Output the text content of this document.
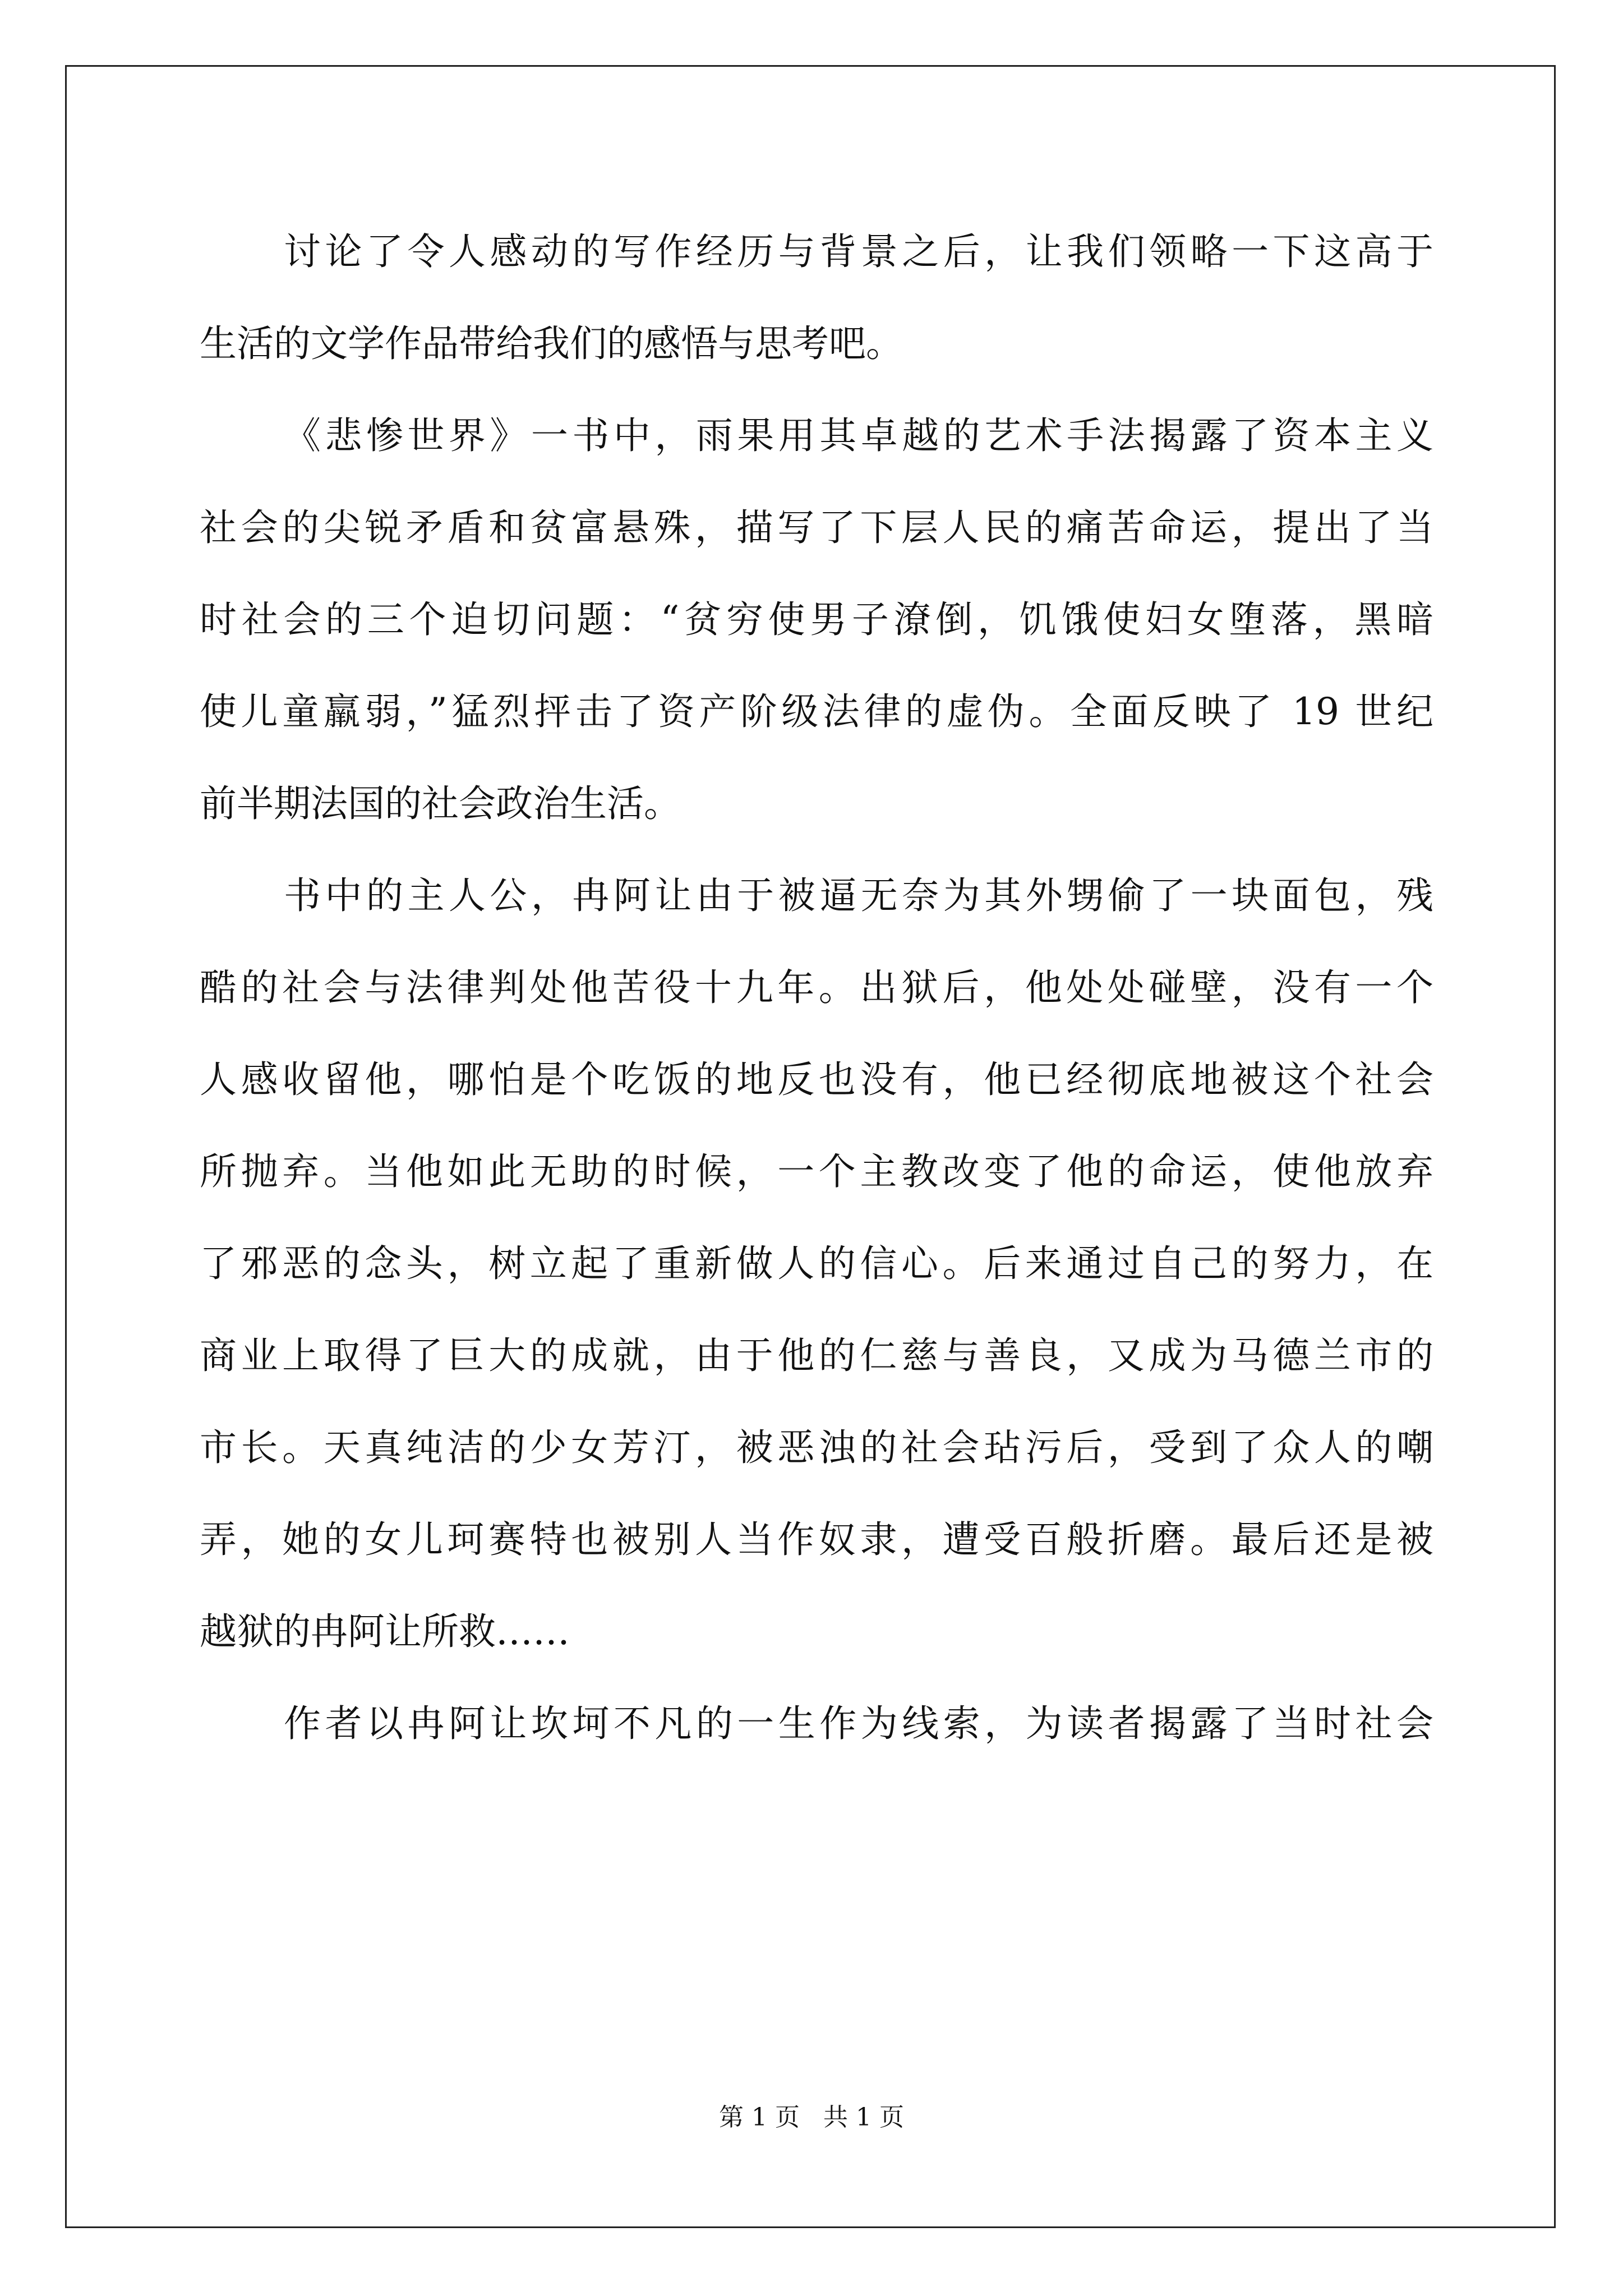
讨论了令人感动的写作经历与背景之后，让我们领略一下这高于
生活的文学作品带给我们的感悟与思考吧。
《悲惨世界》一书中，雨果用其卓越的艺术手法揭露了资本主义
社会的尖锐矛盾和贫富悬殊，描写了下层人民的痛苦命运，提出了当
时社会的三个迫切问题：“贫穷使男子潦倒，饥饿使妇女堕落，黑暗
使儿童羸弱，”猛烈抨击了资产阶级法律的虚伪。全面反映了 19 世纪
前半期法国的社会政治生活。
书中的主人公，冉阿让由于被逼无奈为其外甥偷了一块面包，残
酷的社会与法律判处他苦役十九年。出狱后，他处处碰壁，没有一个
人感收留他，哪怕是个吃饭的地反也没有，他已经彻底地被这个社会
所抛弃。当他如此无助的时候，一个主教改变了他的命运，使他放弃
了邪恶的念头，树立起了重新做人的信心。后来通过自己的努力，在
商业上取得了巨大的成就，由于他的仁慈与善良，又成为马德兰市的
市长。天真纯洁的少女芳汀，被恶浊的社会玷污后，受到了众人的嘲
弄，她的女儿珂赛特也被别人当作奴隶，遭受百般折磨。最后还是被
越狱的冉阿让所救……
作者以冉阿让坎坷不凡的一生作为线索，为读者揭露了当时社会
第 1 页   共 1 页
